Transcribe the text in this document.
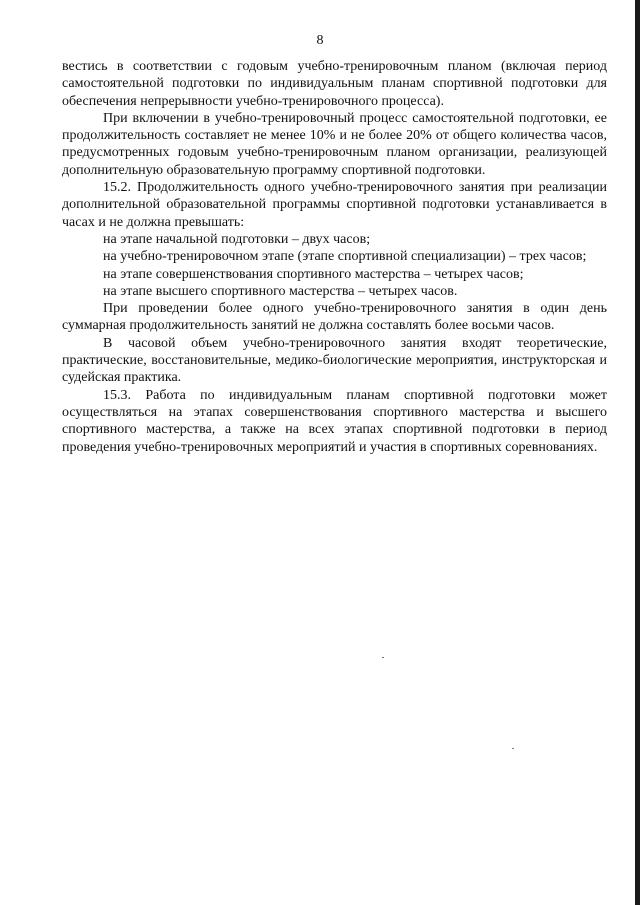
8

вестись в соответствии с годовым учебно-тренировочным планом (включая период самостоятельной подготовки по индивидуальным планам спортивной подготовки для обеспечения непрерывности учебно-тренировочного процесса).

При включении в учебно-тренировочный процесс самостоятельной подготовки, ее продолжительность составляет не менее 10% и не более 20% от общего количества часов, предусмотренных годовым учебно-тренировочным планом организации, реализующей дополнительную образовательную программу спортивной подготовки.

15.2. Продолжительность одного учебно-тренировочного занятия при реализации дополнительной образовательной программы спортивной подготовки устанавливается в часах и не должна превышать:

на этапе начальной подготовки – двух часов;

на учебно-тренировочном этапе (этапе спортивной специализации) – трех часов;

на этапе совершенствования спортивного мастерства – четырех часов;

на этапе высшего спортивного мастерства – четырех часов.

При проведении более одного учебно-тренировочного занятия в один день суммарная продолжительность занятий не должна составлять более восьми часов.

В часовой объем учебно-тренировочного занятия входят теоретические, практические, восстановительные, медико-биологические мероприятия, инструкторская и судейская практика.

15.3. Работа по индивидуальным планам спортивной подготовки может осуществляться на этапах совершенствования спортивного мастерства и высшего спортивного мастерства, а также на всех этапах спортивной подготовки в период проведения учебно-тренировочных мероприятий и участия в спортивных соревнованиях.
